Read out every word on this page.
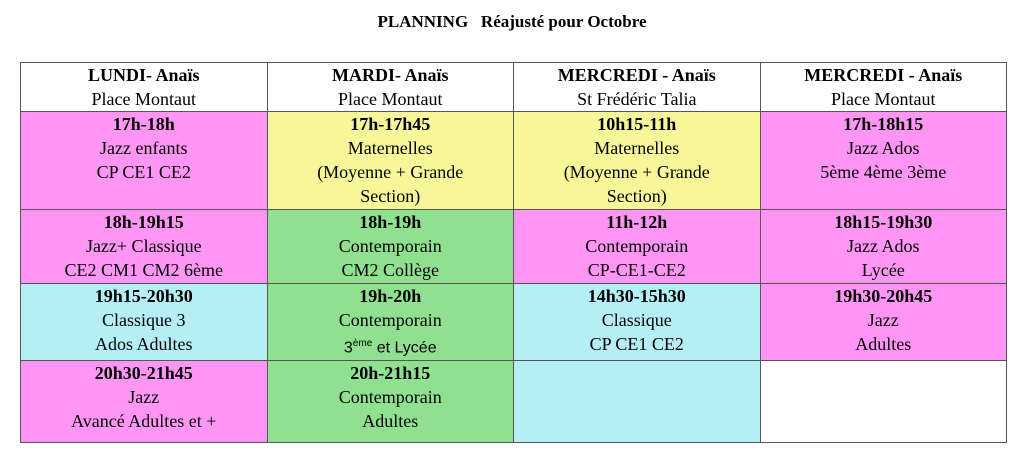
PLANNING   Réajusté pour Octobre
LUNDI- Anaïs
Place Montaut	MARDI- Anaïs
Place Montaut	MERCREDI - Anaïs
St Frédéric Talia	MERCREDI - Anaïs
Place Montaut

17h-18h
Jazz enfants
CP CE1 CE2	17h-17h45
Maternelles
(Moyenne + Grande
Section)	10h15-11h
Maternelles
(Moyenne + Grande
Section)	17h-18h15
Jazz Ados
5ème 4ème 3ème

18h-19h15
Jazz+ Classique
CE2 CM1 CM2 6ème	18h-19h
Contemporain
CM2 Collège	11h-12h
Contemporain
CP-CE1-CE2	18h15-19h30
Jazz Ados
Lycée

19h15-20h30
Classique 3
Ados Adultes	19h-20h
Contemporain
3ème et Lycée	14h30-15h30
Classique
CP CE1 CE2	19h30-20h45
Jazz
Adultes

20h30-21h45
Jazz
Avancé Adultes et +	20h-21h15
Contemporain
Adultes		
